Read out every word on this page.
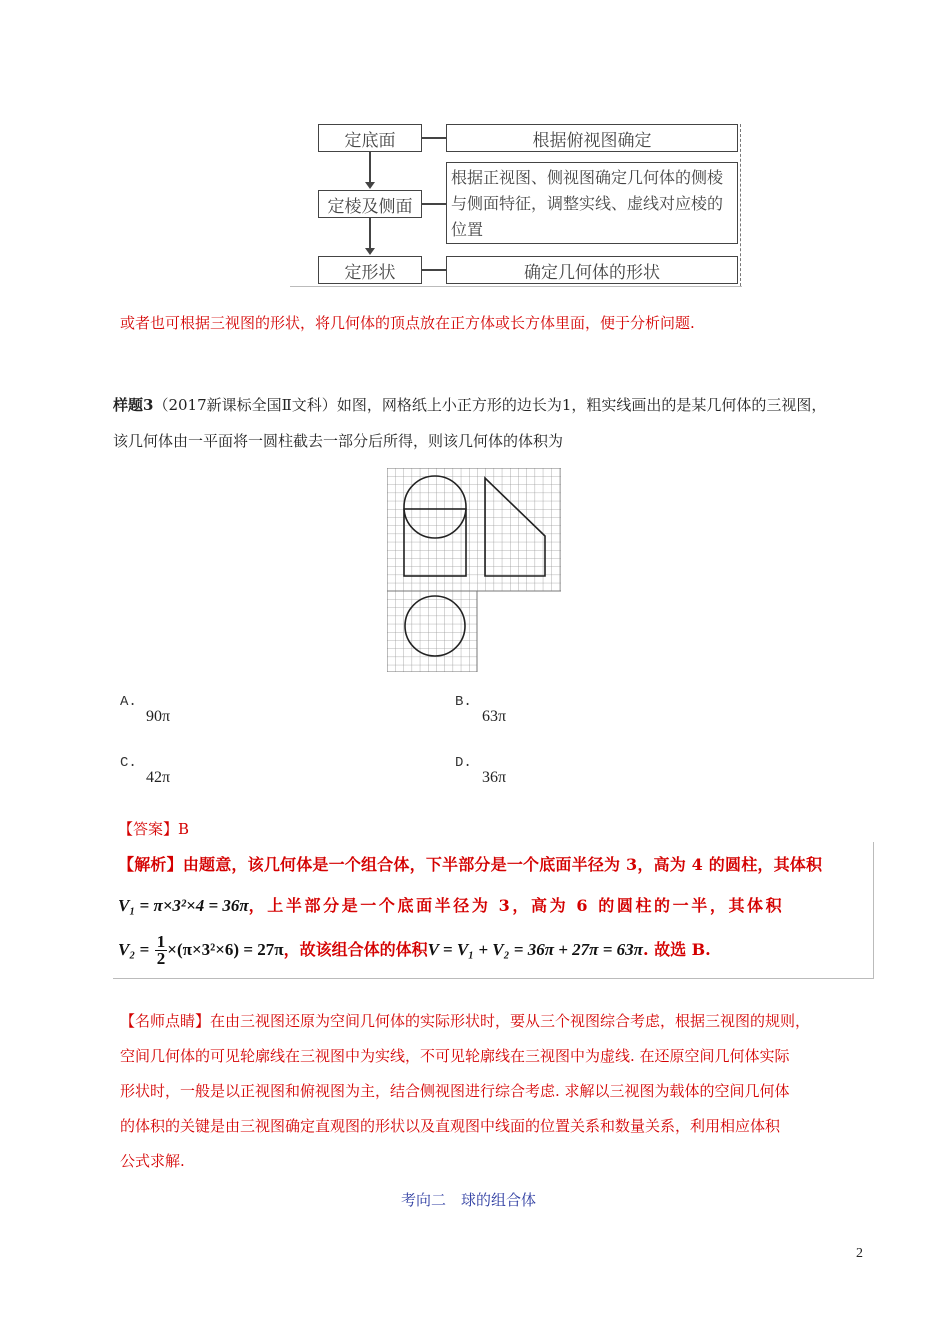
定底面
定棱及侧面
定形状
根据俯视图确定
根据正视图、侧视图确定几何体的侧棱与侧面特征，调整实线、虚线对应棱的位置
确定几何体的形状
或者也可根据三视图的形状，将几何体的顶点放在正方体或长方体里面，便于分析问题.
样题3（2017新课标全国Ⅱ文科）如图，网格纸上小正方形的边长为1，粗实线画出的是某几何体的三视图，
该几何体由一平面将一圆柱截去一部分后所得，则该几何体的体积为
A.
90π
B.
63π
C.
42π
D.
36π
【答案】B
【解析】由题意，该几何体是一个组合体，下半部分是一个底面半径为 3，高为 4 的圆柱，其体积
V₁ = π×3²×4 = 36π，上半部分是一个底面半径为 3，高为 6 的圆柱的一半，其体积
$V_2 = \frac{1}{2} \times(\pi\times 3^2\times 6) = 27\pi$，故该组合体的体积V = V₁ + V₂ = 36π + 27π = 63π. 故选 B.
【名师点睛】在由三视图还原为空间几何体的实际形状时，要从三个视图综合考虑，根据三视图的规则，
空间几何体的可见轮廓线在三视图中为实线，不可见轮廓线在三视图中为虚线. 在还原空间几何体实际
形状时，一般是以正视图和俯视图为主，结合侧视图进行综合考虑. 求解以三视图为载体的空间几何体
的体积的关键是由三视图确定直观图的形状以及直观图中线面的位置关系和数量关系，利用相应体积
公式求解.
考向二　球的组合体
2
